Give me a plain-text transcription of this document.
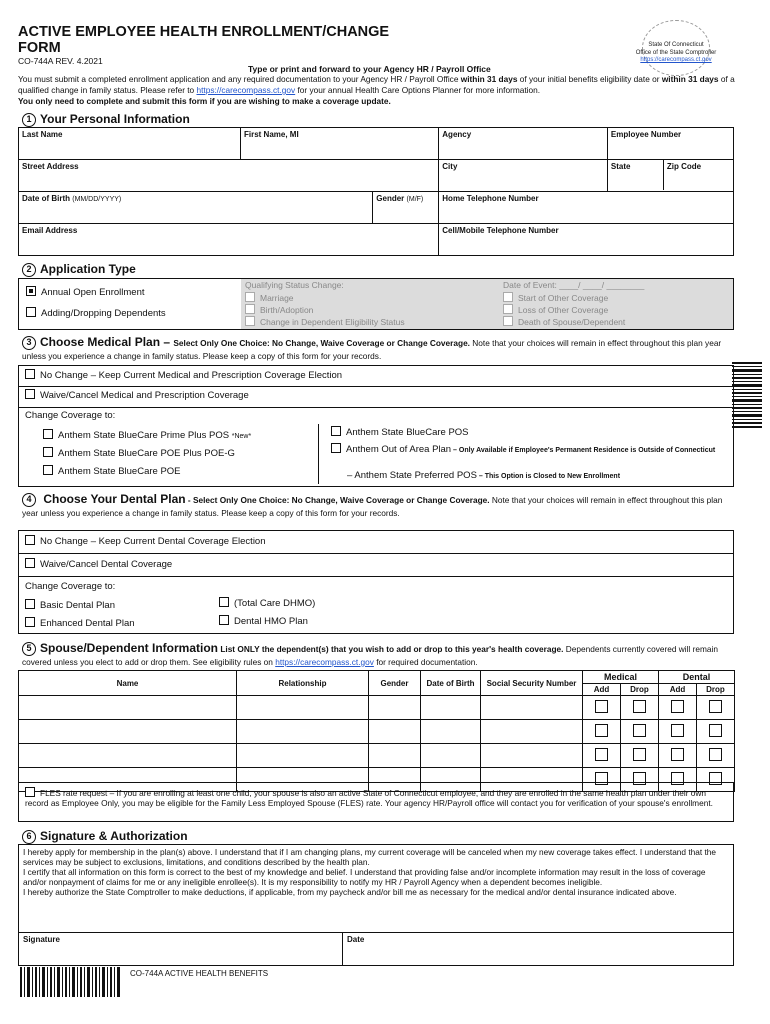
ACTIVE EMPLOYEE HEALTH ENROLLMENT/CHANGE FORM
CO-744A REV. 4.2021
Type or print and forward to your Agency HR / Payroll Office
State Of Connecticut
Office of the State Comptroller
https://carecompass.ct.gov
You must submit a completed enrollment application and any required documentation to your Agency HR / Payroll Office within 31 days of your initial benefits eligibility date or within 31 days of a qualified change in family status. Please refer to https://carecompass.ct.gov for your annual Health Care Options Planner for more information.
You only need to complete and submit this form if you are wishing to make a coverage update.
1 Your Personal Information
Last Name	First Name, MI		Agency	Employee Number
Street Address			City	State Zip Code

Date of Birth (MM/DD/YYYY)		Gender (M/F)	Home Telephone Number	
Email Address			Cell/Mobile Telephone Number	
2 Application Type
Annual Open Enrollment
Adding/Dropping Dependents
Qualifying Status Change:
Marriage
Birth/Adoption
Change in Dependent Eligibility Status
Date of Event: ____/ ____/ ________
Start of Other Coverage
Loss of Other Coverage
Death of Spouse/Dependent
3 Choose Medical Plan – Select Only One Choice: No Change, Waive Coverage or Change Coverage. Note that your choices will remain in effect throughout this plan year unless you experience a change in family status. Please keep a copy of this form for your records.
No Change – Keep Current Medical and Prescription Coverage Election
Waive/Cancel Medical and Prescription Coverage
Change Coverage to:
Anthem State BlueCare Prime Plus POS *New*
Anthem State BlueCare POE Plus POE-G
Anthem State BlueCare POE
Anthem State BlueCare POS
Anthem Out of Area Plan – Only Available if Employee's Permanent Residence is Outside of Connecticut
– Anthem State Preferred POS – This Option is Closed to New Enrollment
4 Choose Your Dental Plan - Select Only One Choice: No Change, Waive Coverage or Change Coverage. Note that your choices will remain in effect throughout this plan year unless you experience a change in family status. Please keep a copy of this form for your records.
No Change – Keep Current Dental Coverage Election
Waive/Cancel Dental Coverage
Change Coverage to:
Basic Dental Plan
Enhanced Dental Plan
(Total Care DHMO)
Dental HMO Plan
5 Spouse/Dependent Information List ONLY the dependent(s) that you wish to add or drop to this year's health coverage. Dependents currently covered will remain covered unless you elect to add or drop them. See eligibility rules on https://carecompass.ct.gov for required documentation.
Name	Relationship	Gender	Date of Birth	Social Security Number	Medical		Dental	
					Add	Drop	Add	Drop

FLES rate request – If you are enrolling at least one child, your spouse is also an active State of Connecticut employee, and they are enrolled in the same health plan under their own record as Employee Only, you may be eligible for the Family Less Employed Spouse (FLES) rate. Your agency HR/Payroll office will contact you for verification of your spouse's enrollment.
6 Signature & Authorization
I hereby apply for membership in the plan(s) above. I understand that if I am changing plans, my current coverage will be canceled when my new coverage takes effect. I understand that the services may be subject to exclusions, limitations, and conditions described by the health plan.
I certify that all information on this form is correct to the best of my knowledge and belief. I understand that providing false and/or incomplete information may result in the loss of coverage and/or nonpayment of claims for me or any ineligible enrollee(s). It is my responsibility to notify my HR / Payroll Agency when a dependent becomes ineligible.
I hereby authorize the State Comptroller to make deductions, if applicable, from my paycheck and/or bill me as necessary for the medical and/or dental insurance indicated above.
Signature	Date
CO-744A ACTIVE HEALTH BENEFITS
